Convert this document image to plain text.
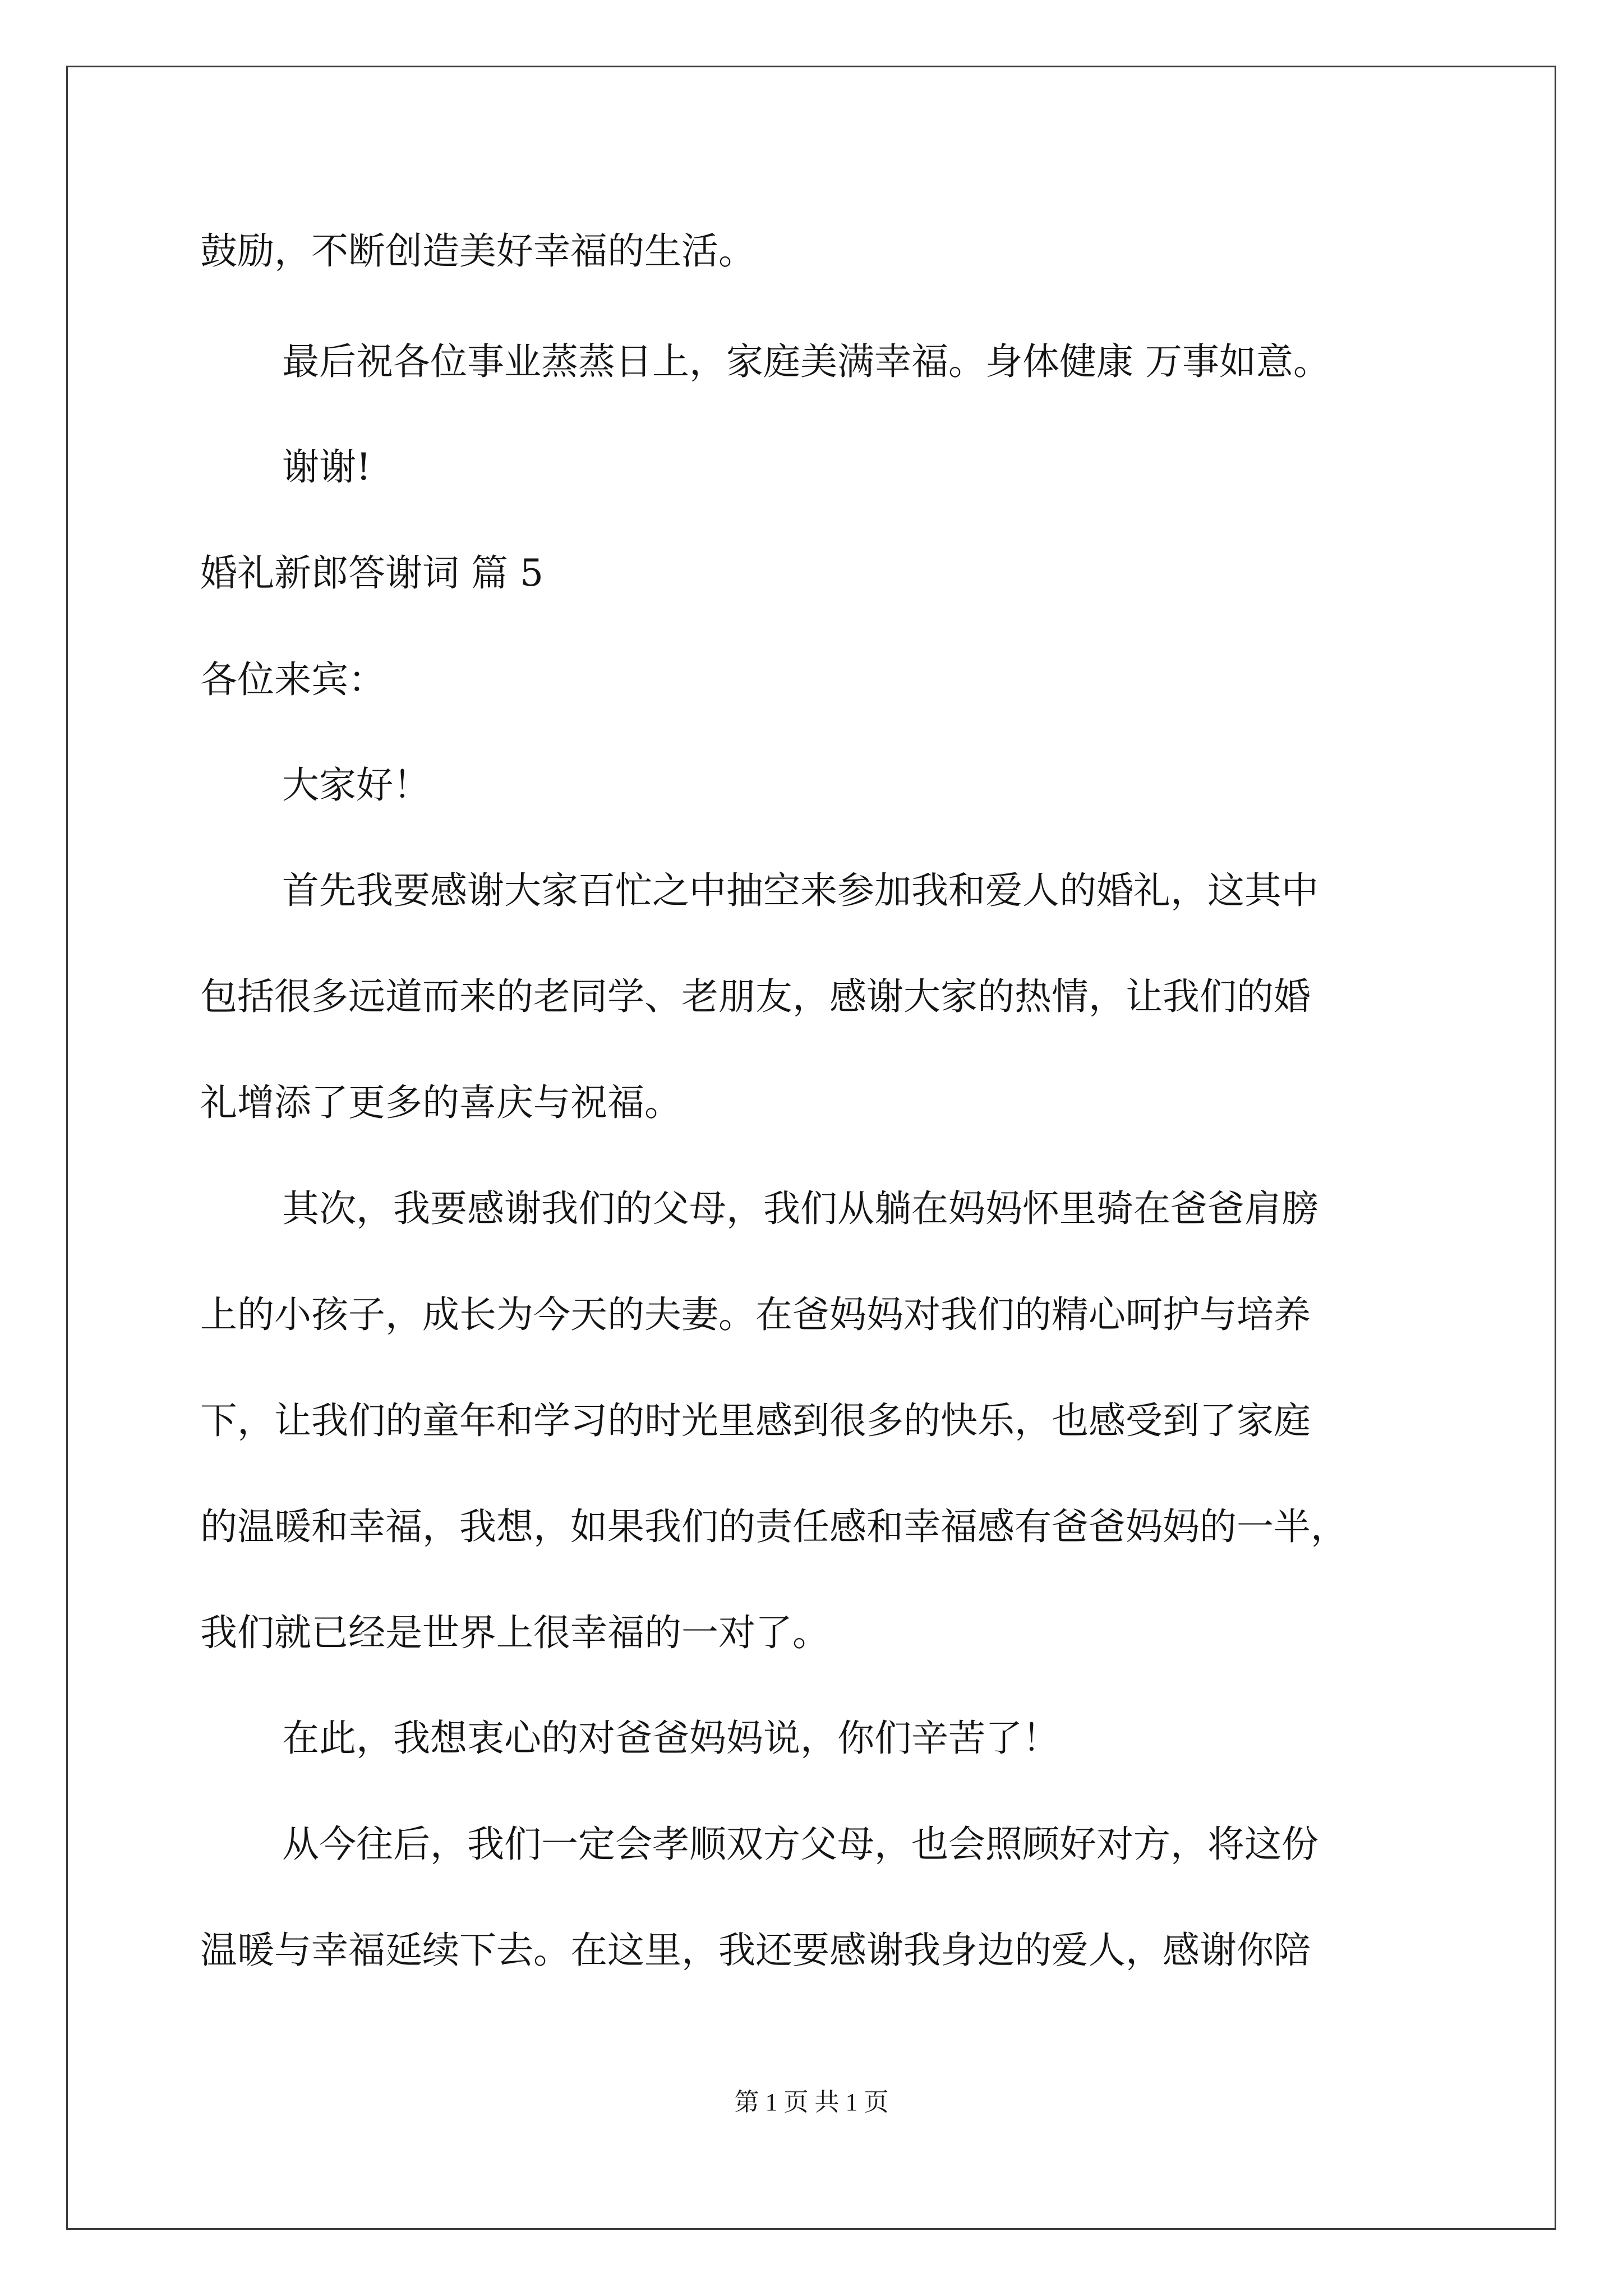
鼓励，不断创造美好幸福的生活。
最后祝各位事业蒸蒸日上，家庭美满幸福。身体健康 万事如意。
谢谢!
婚礼新郎答谢词 篇 5
各位来宾：
大家好！
首先我要感谢大家百忙之中抽空来参加我和爱人的婚礼，这其中
包括很多远道而来的老同学、老朋友，感谢大家的热情，让我们的婚
礼增添了更多的喜庆与祝福。
其次，我要感谢我们的父母，我们从躺在妈妈怀里骑在爸爸肩膀
上的小孩子，成长为今天的夫妻。在爸妈妈对我们的精心呵护与培养
下，让我们的童年和学习的时光里感到很多的快乐，也感受到了家庭
的温暖和幸福，我想，如果我们的责任感和幸福感有爸爸妈妈的一半，
我们就已经是世界上很幸福的一对了。
在此，我想衷心的对爸爸妈妈说，你们辛苦了！
从今往后，我们一定会孝顺双方父母，也会照顾好对方，将这份
温暖与幸福延续下去。在这里，我还要感谢我身边的爱人，感谢你陪
第 1 页 共 1 页
